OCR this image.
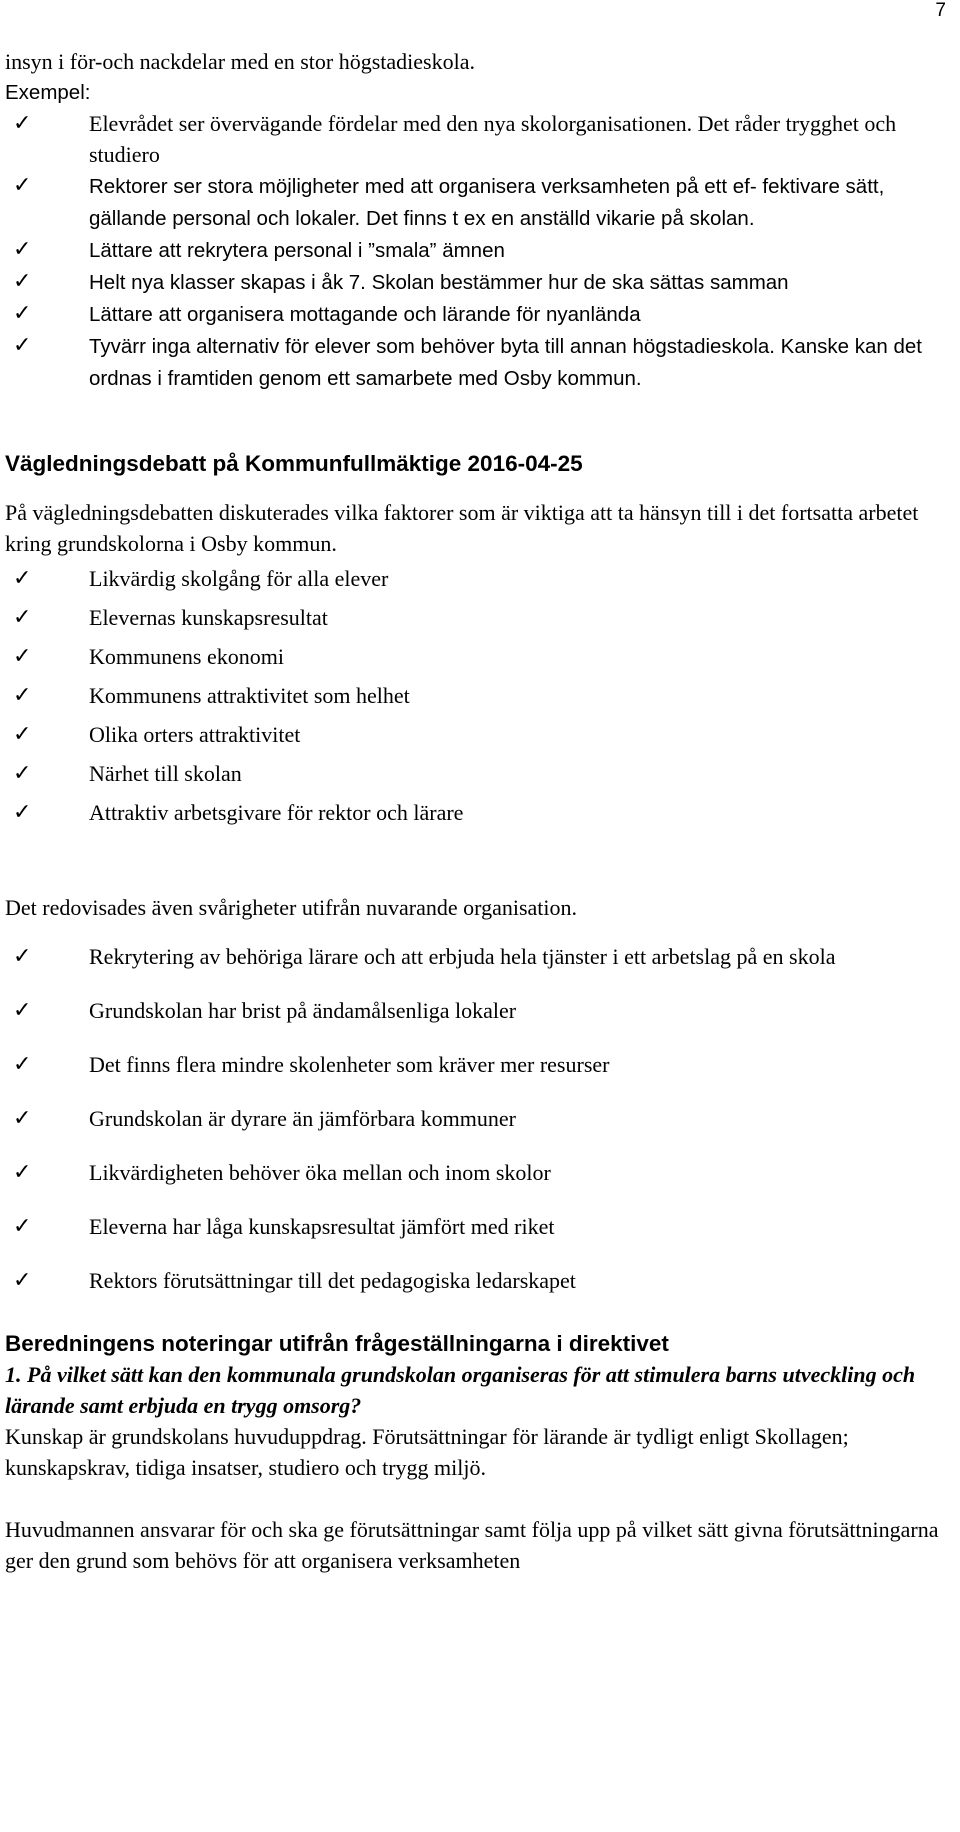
7

insyn i för-och nackdelar med en stor högstadieskola.

Exempel:

✓	Elevrådet ser övervägande fördelar med den nya skolorganisationen. Det råder trygghet och studiero
✓	Rektorer ser stora möjligheter med att organisera verksamheten på ett ef- fektivare sätt, gällande personal och lokaler. Det finns t ex en anställd vikarie på skolan.
✓	Lättare att rekrytera personal i ”smala” ämnen
✓	Helt nya klasser skapas i åk 7. Skolan bestämmer hur de ska sättas samman
✓	Lättare att organisera mottagande och lärande för nyanlända
✓	Tyvärr inga alternativ för elever som behöver byta till annan högstadieskola. Kanske kan det ordnas i framtiden genom ett samarbete med Osby kommun.
Vägledningsdebatt på Kommunfullmäktige 2016-04-25

På vägledningsdebatten diskuterades vilka faktorer som är viktiga att ta hänsyn till i det fortsatta arbetet kring grundskolorna i Osby kommun.

✓	Likvärdig skolgång för alla elever
✓	Elevernas kunskapsresultat
✓	Kommunens ekonomi
✓	Kommunens attraktivitet som helhet
✓	Olika orters attraktivitet
✓	Närhet till skolan
✓	Attraktiv arbetsgivare för rektor och lärare

Det redovisades även svårigheter utifrån nuvarande organisation.

✓	Rekrytering av behöriga lärare och att erbjuda hela tjänster i ett arbetslag på en skola
✓	Grundskolan har brist på ändamålsenliga lokaler
✓	Det finns flera mindre skolenheter som kräver mer resurser
✓	Grundskolan är dyrare än jämförbara kommuner
✓	Likvärdigheten behöver öka mellan och inom skolor
✓	Eleverna har låga kunskapsresultat jämfört med riket
✓	Rektors förutsättningar till det pedagogiska ledarskapet
Beredningens noteringar utifrån frågeställningarna i direktivet

1. På vilket sätt kan den kommunala grundskolan organiseras för att stimulera barns utveckling och lärande samt erbjuda en trygg omsorg?

Kunskap är grundskolans huvuduppdrag. Förutsättningar för lärande är tydligt enligt Skollagen; kunskapskrav, tidiga insatser, studiero och trygg miljö.

Huvudmannen ansvarar för och ska ge förutsättningar samt följa upp på vilket sätt givna förutsättningarna ger den grund som behövs för att organisera verksamheten
